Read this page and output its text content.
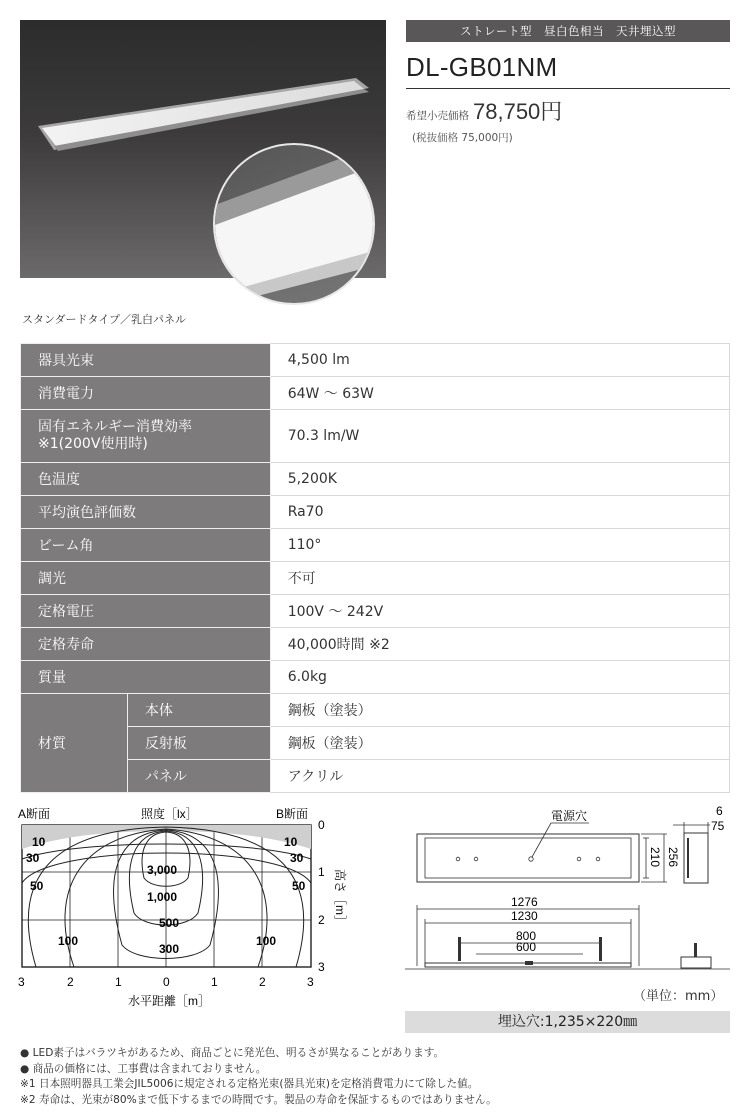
スタンダードタイプ／乳白パネル
ストレート型　昼白色相当　天井埋込型
DL-GB01NM
希望小売価格 78,750円
(税抜価格 75,000円)
器具光束		4,500 lm
消費電力		64W ～ 63W

固有エネルギー消費効率
※1(200V使用時)		70.3 lm/W
色温度		5,200K
平均演色評価数		Ra70
ビーム角		110°
調光		不可
定格電圧		100V ～ 242V
定格寿命		40,000時間 ※2
質量		6.0kg
材質	本体	鋼板（塗装）
	反射板	鋼板（塗装）
	パネル	アクリル
A断面	照度［lx］	B断面
10	10
30	30
50	50
3,000
1,000
500
300
100	100
3	2	1	0	1	2	3
水平距離［m］
0
1
2
3
高さ［m］
電源穴
210 256
6
75
1276
1230
800
600
（単位：mm）
埋込穴:1,235×220㎜
● LED素子はバラツキがあるため、商品ごとに発光色、明るさが異なることがあります。
● 商品の価格には、工事費は含まれておりません。
※1 日本照明器具工業会JIL5006に規定される定格光束(器具光束)を定格消費電力にて除した値。
※2 寿命は、光束が80%まで低下するまでの時間です。製品の寿命を保証するものではありません。
